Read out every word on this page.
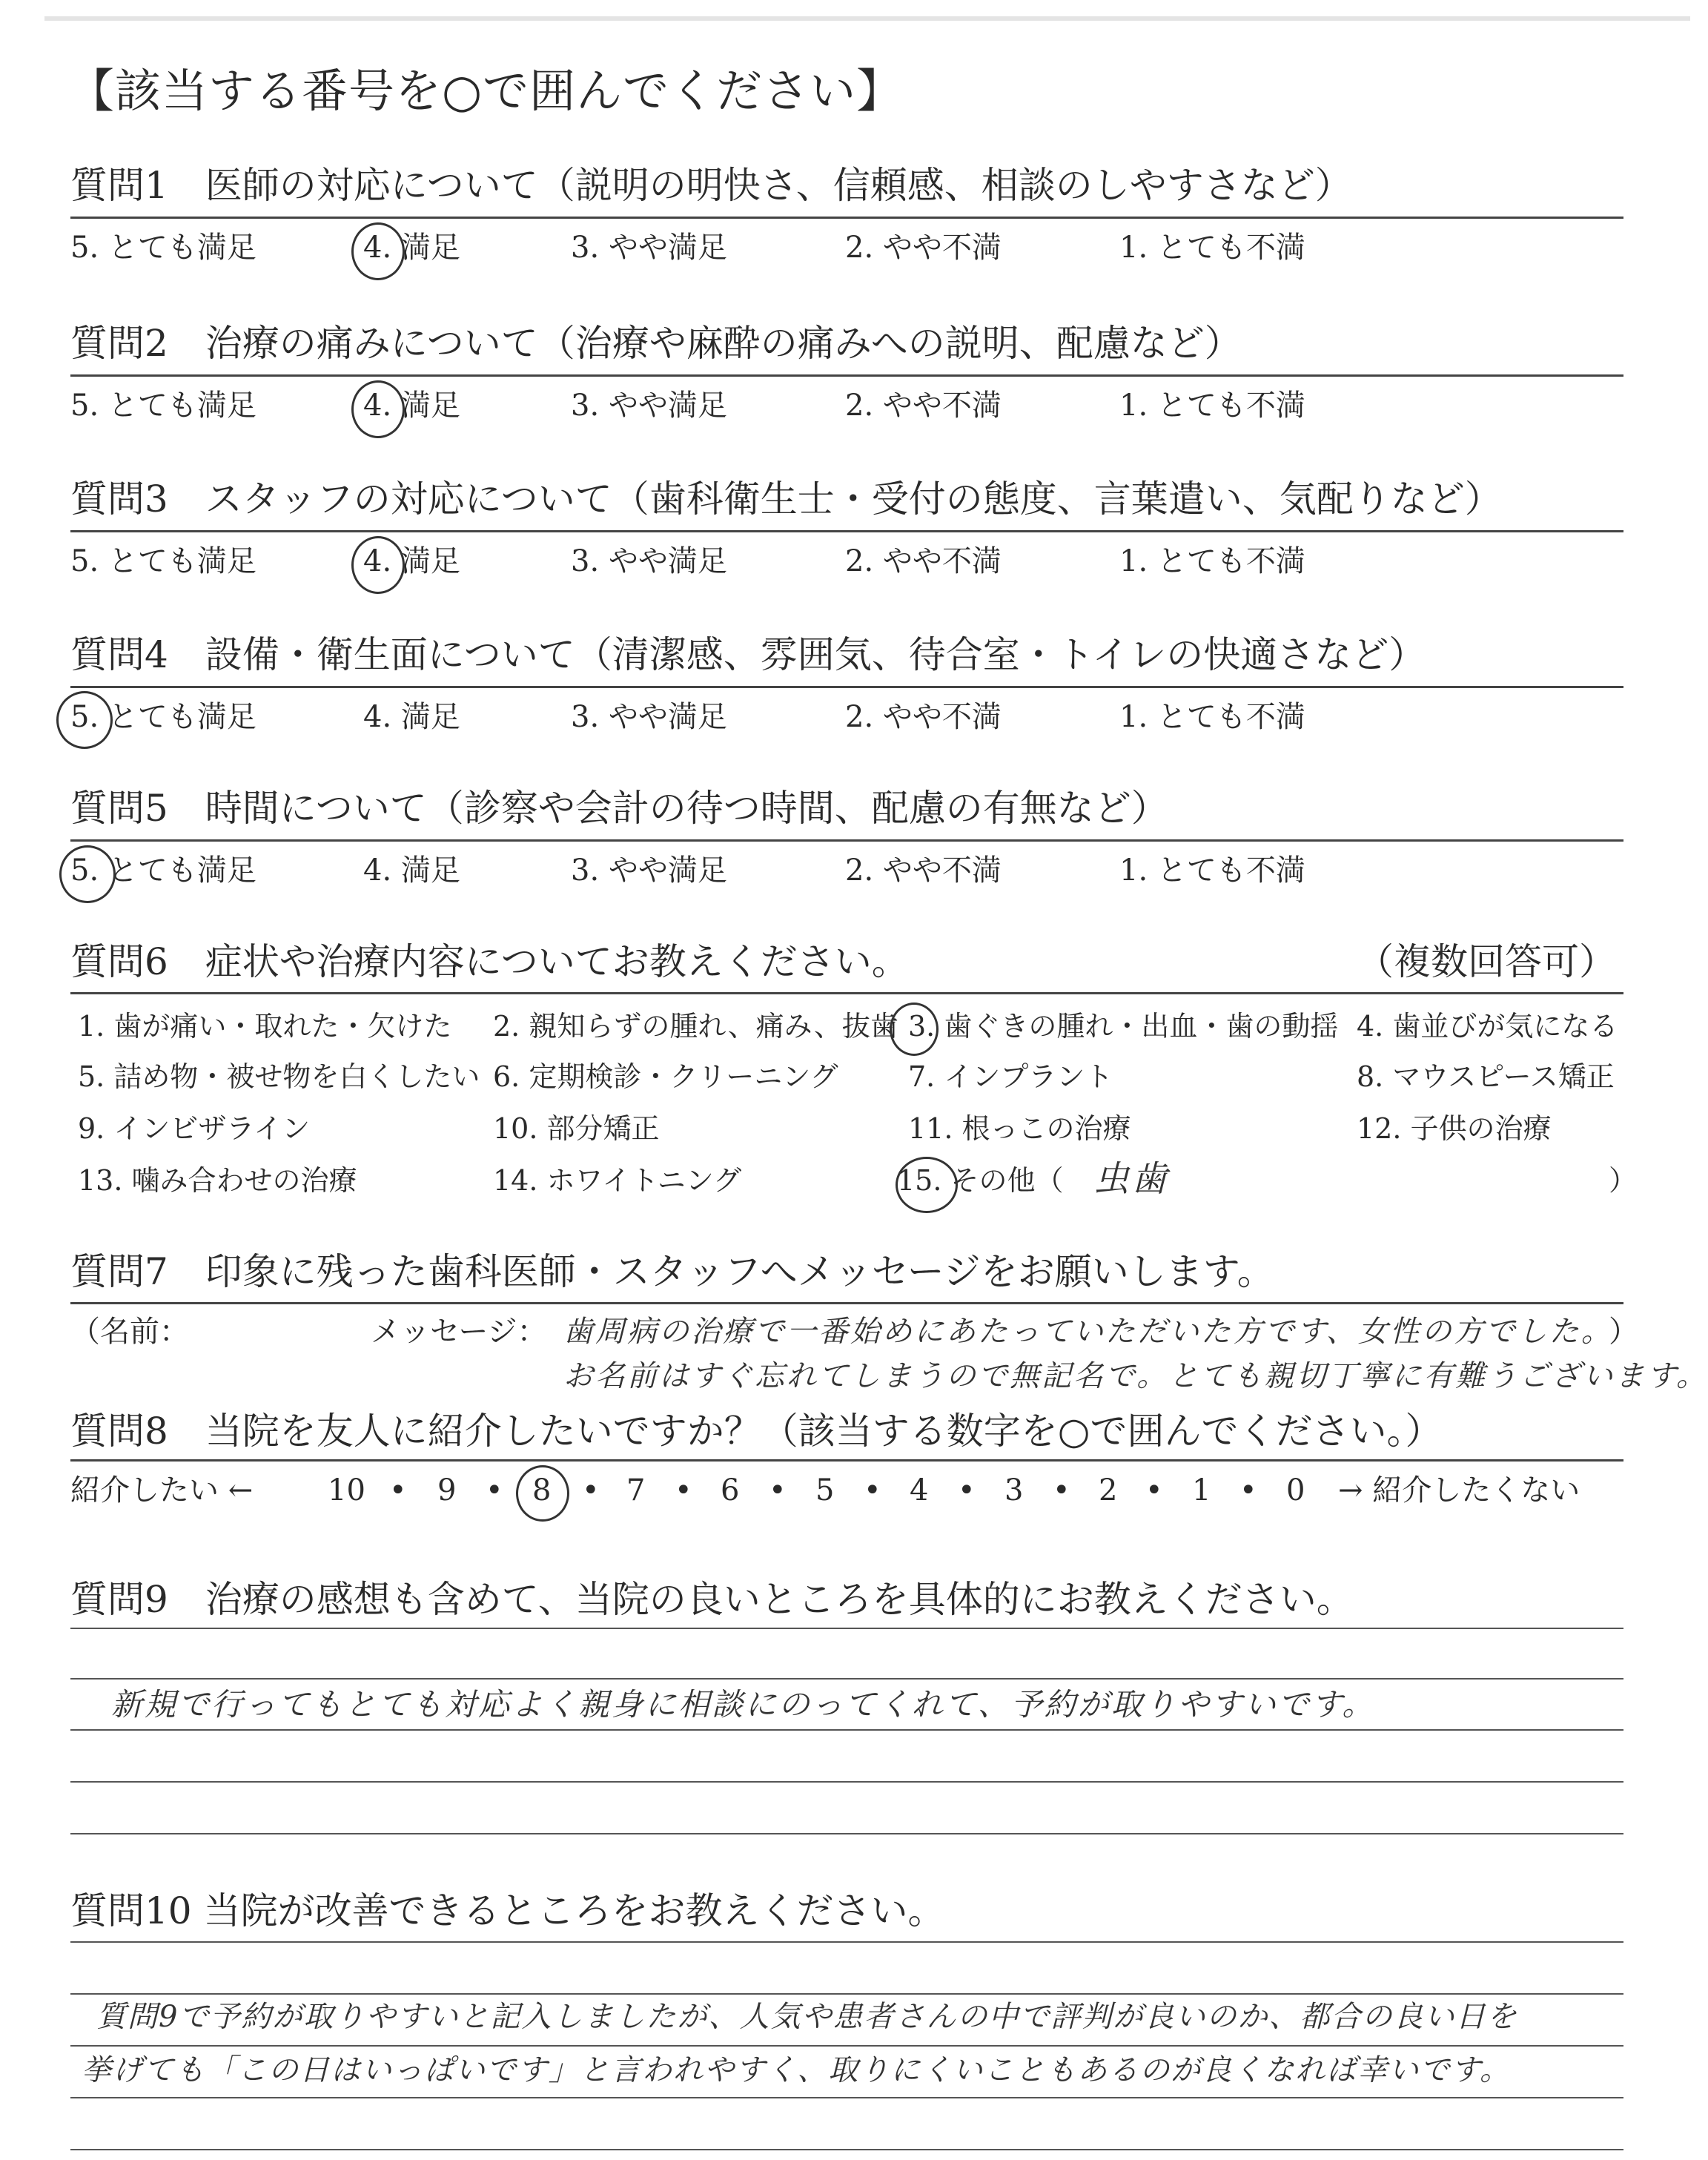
【該当する番号を○で囲んでください】
質問1　医師の対応について（説明の明快さ、信頼感、相談のしやすさなど）
5. とても満足	4. 満足	3. やや満足	2. やや不満	1. とても不満
質問2　治療の痛みについて（治療や麻酔の痛みへの説明、配慮など）
5. とても満足	4. 満足	3. やや満足	2. やや不満	1. とても不満
質問3　スタッフの対応について（歯科衛生士・受付の態度、言葉遣い、気配りなど）
5. とても満足	4. 満足	3. やや満足	2. やや不満	1. とても不満
質問4　設備・衛生面について（清潔感、雰囲気、待合室・トイレの快適さなど）
5. とても満足	4. 満足	3. やや満足	2. やや不満	1. とても不満
質問5　時間について（診察や会計の待つ時間、配慮の有無など）
5. とても満足	4. 満足	3. やや満足	2. やや不満	1. とても不満
質問6　症状や治療内容についてお教えください。	（複数回答可）
1. 歯が痛い・取れた・欠けた 2. 親知らずの腫れ、痛み、抜歯 3. 歯ぐきの腫れ・出血・歯の動揺 4. 歯並びが気になる
5. 詰め物・被せ物を白くしたい 6. 定期検診・クリーニング 7. インプラント	8. マウスピース矯正
9. インビザライン	10. 部分矯正	11. 根っこの治療	12. 子供の治療
13. 噛み合わせの治療	14. ホワイトニング	15. その他（ 虫歯	）
質問7　印象に残った歯科医師・スタッフへメッセージをお願いします。
（名前：	メッセージ： 歯周病の治療で一番始めにあたっていただいた方です、女性の方でした。
）
お名前はすぐ忘れてしまうので無記名で。とても親切丁寧に有難うございます。
質問8　当院を友人に紹介したいですか？（該当する数字を○で囲んでください。）
紹介したい ←	→ 紹介したくない
10 9	8	7	6	5	4	3	2	1	0
•	•	•	•	•	•	•	•	•	•
質問9　治療の感想も含めて、当院の良いところを具体的にお教えください。
新規で行ってもとても対応よく親身に相談にのってくれて、予約が取りやすいです。
質問10 当院が改善できるところをお教えください。
質問9で予約が取りやすいと記入しましたが、人気や患者さんの中で評判が良いのか、都合の良い日を
挙げても「この日はいっぱいです」と言われやすく、取りにくいこともあるのが良くなれば幸いです。
